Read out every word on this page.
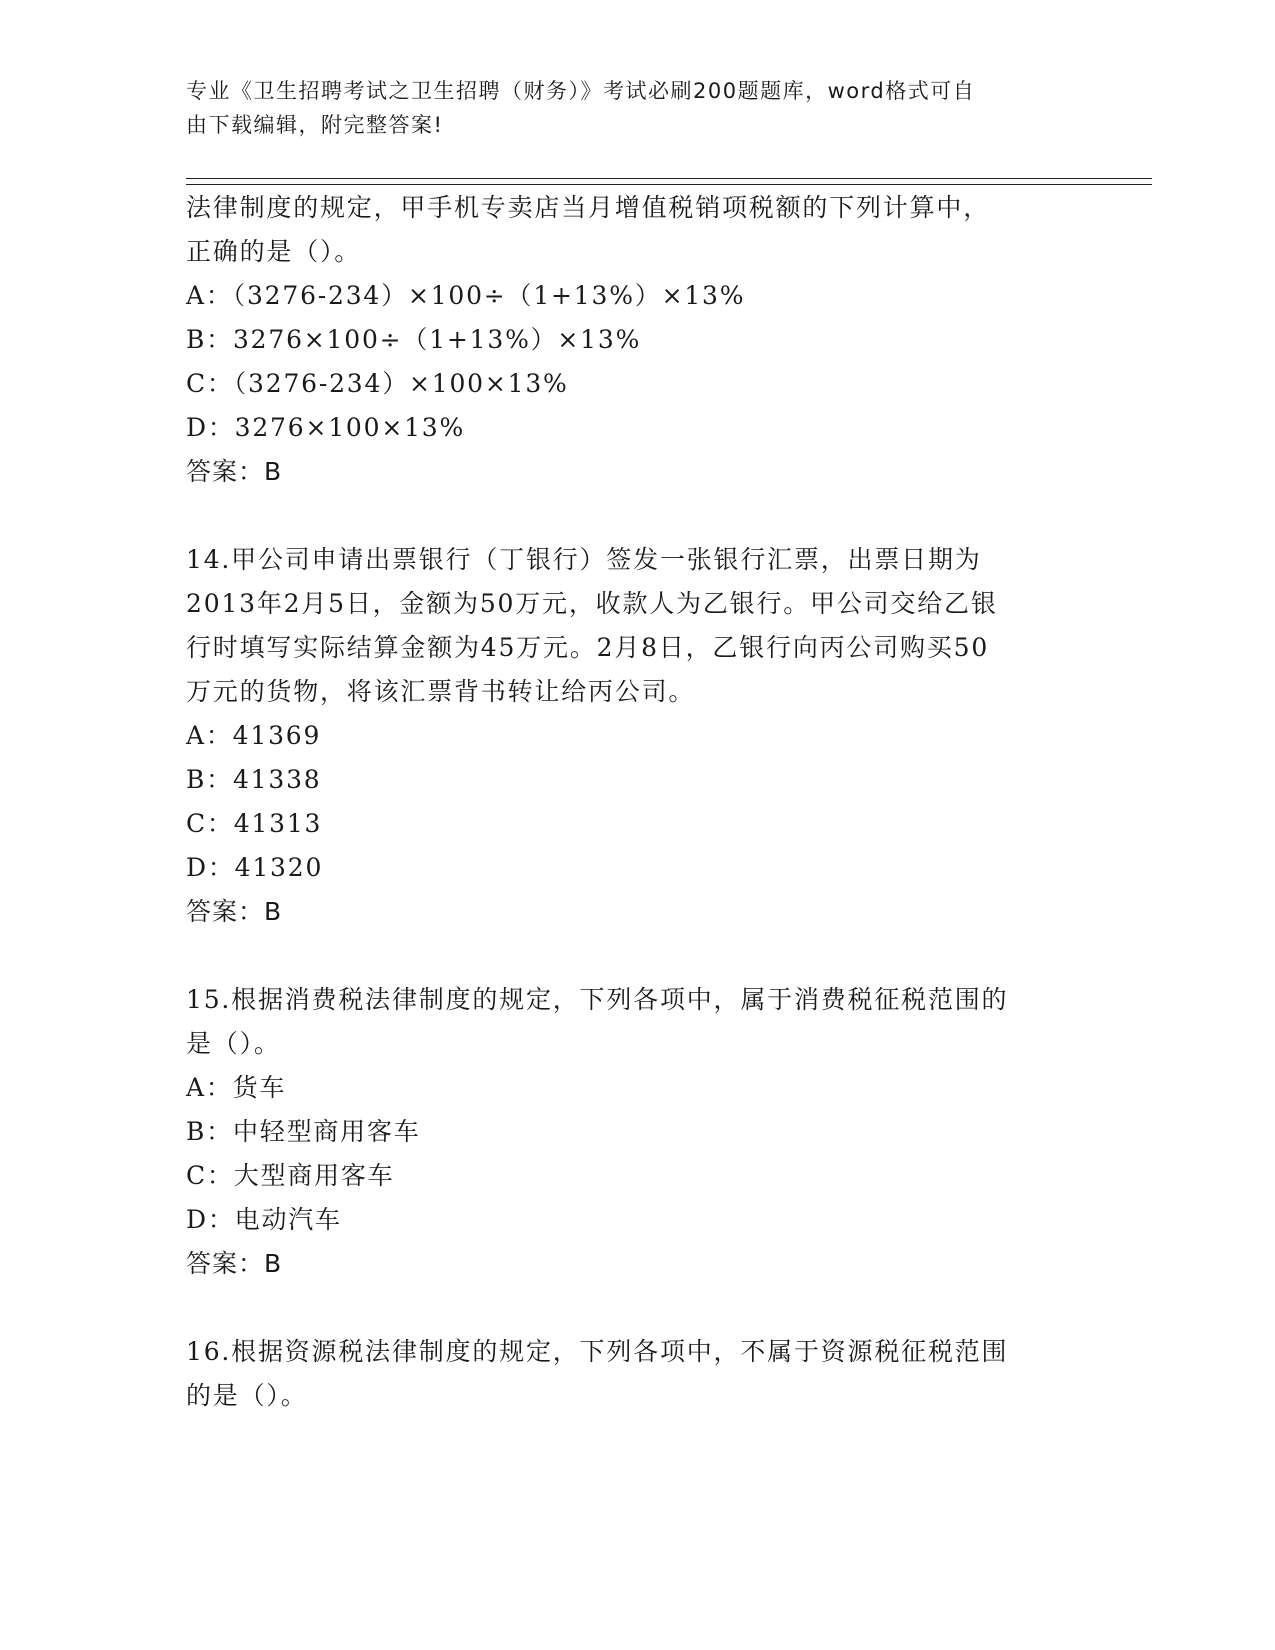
专业《卫生招聘考试之卫生招聘（财务）》考试必刷200题题库，word格式可自
由下载编辑，附完整答案!
法律制度的规定，甲手机专卖店当月增值税销项税额的下列计算中，
正确的是（）。
A：（3276-234）×100÷（1+13%）×13%
B：3276×100÷（1+13%）×13%
C：（3276-234）×100×13%
D：3276×100×13%
答案：B
14.甲公司申请出票银行（丁银行）签发一张银行汇票，出票日期为
2013年2月5日，金额为50万元，收款人为乙银行。甲公司交给乙银
行时填写实际结算金额为45万元。2月8日，乙银行向丙公司购买50
万元的货物，将该汇票背书转让给丙公司。
A：41369
B：41338
C：41313
D：41320
答案：B
15.根据消费税法律制度的规定，下列各项中，属于消费税征税范围的
是（）。
A：货车
B：中轻型商用客车
C：大型商用客车
D：电动汽车
答案：B
16.根据资源税法律制度的规定，下列各项中，不属于资源税征税范围
的是（）。
